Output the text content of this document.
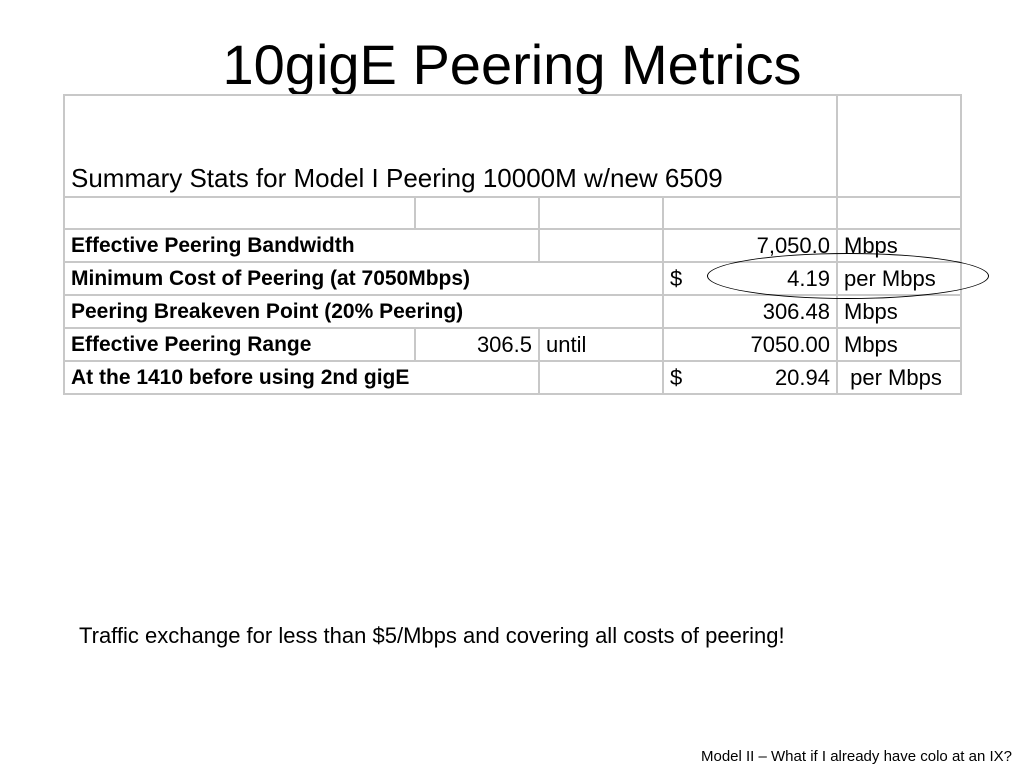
10gigE Peering Metrics
Summary Stats for Model I Peering 10000M w/new 6509				

Effective Peering Bandwidth			7,050.0	Mbps
Minimum Cost of Peering (at 7050Mbps)			$ 4.19	per Mbps
Peering Breakeven Point (20% Peering)			306.48	Mbps
Effective Peering Range	306.5	until	7050.00	Mbps
At the 1410 before using 2nd gigE			$ 20.94	per Mbps
Traffic exchange for less than $5/Mbps and covering all costs of peering!
Model II – What if I already have colo at an IX?
